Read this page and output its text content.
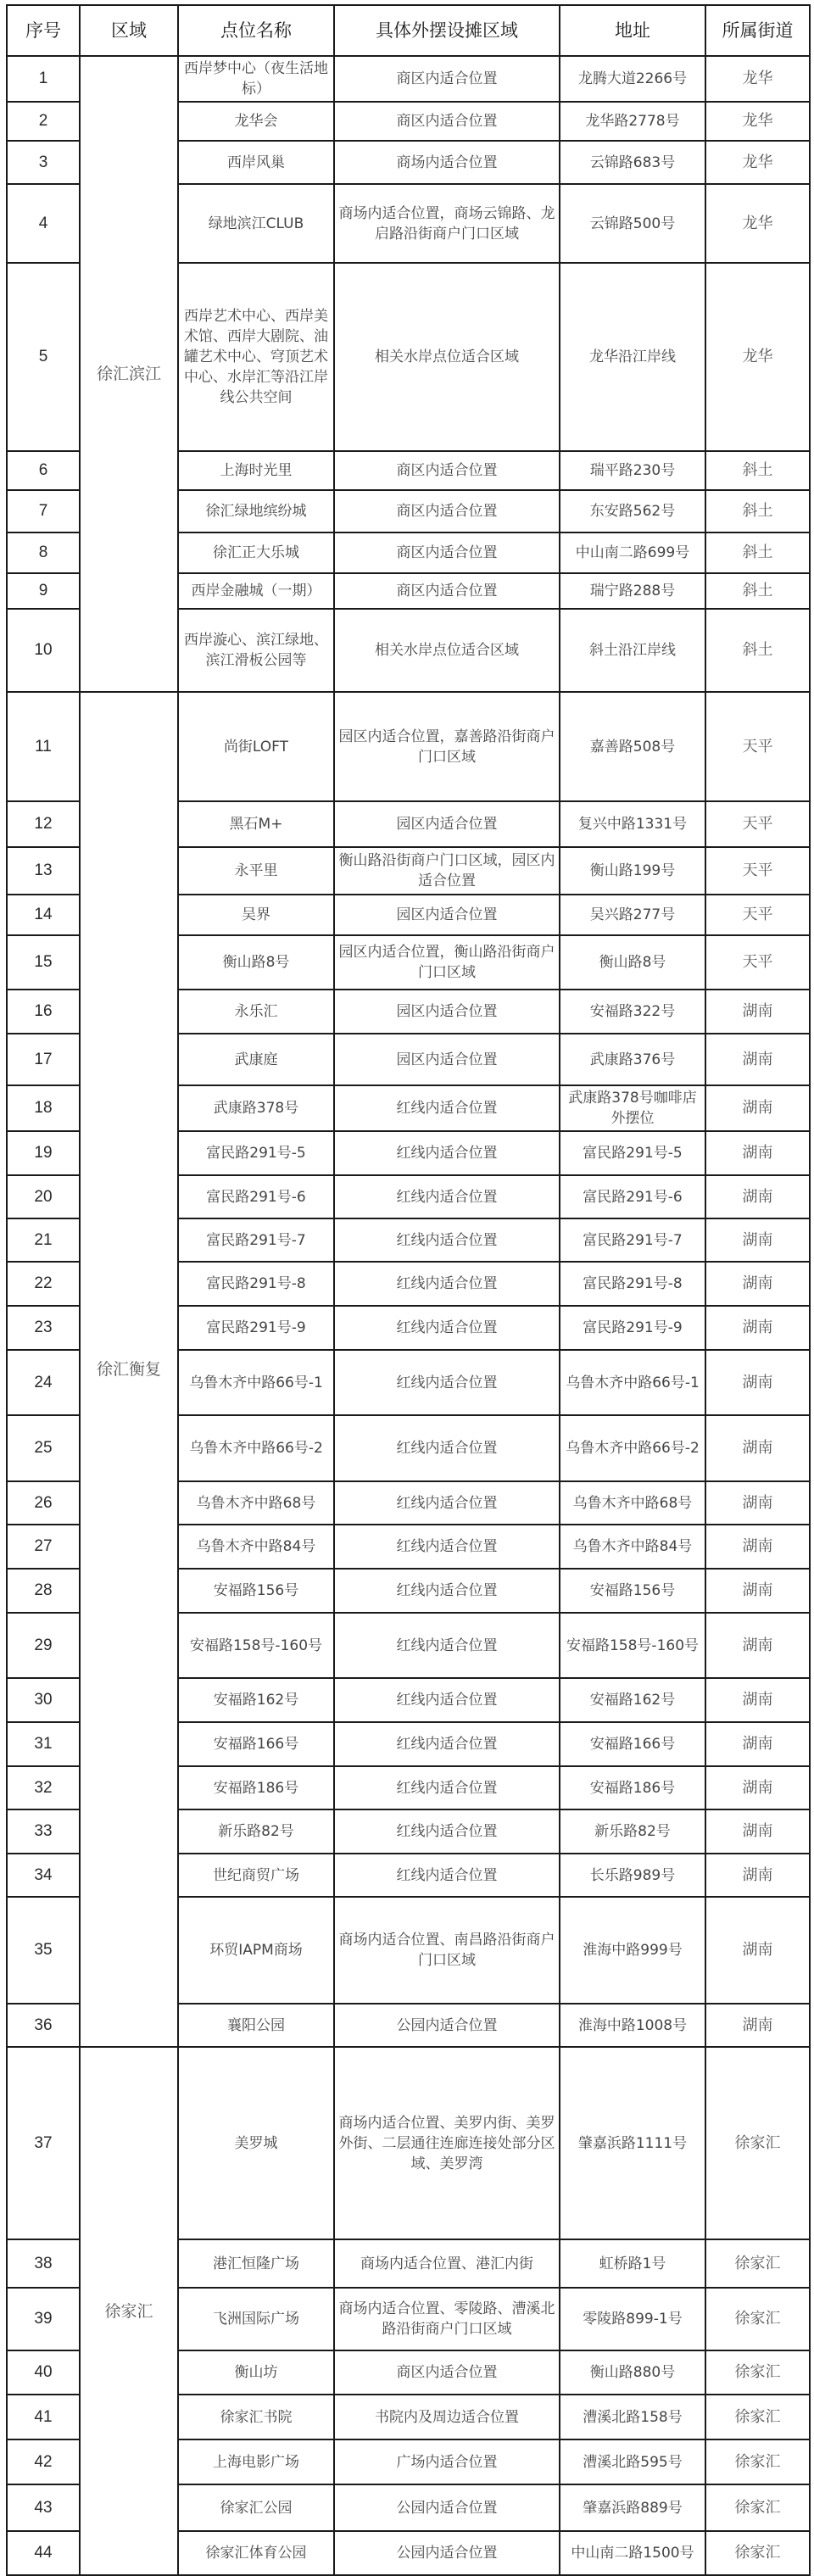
序号	区域	点位名称	具体外摆设摊区域	地址	所属街道
1	徐汇滨江	西岸梦中心（夜生活地标）	商区内适合位置	龙腾大道2266号	龙华
2		龙华会	商区内适合位置	龙华路2778号	龙华
3		西岸风巢	商场内适合位置	云锦路683号	龙华
4		绿地滨江CLUB	商场内适合位置，商场云锦路、龙启路沿街商户门口区域	云锦路500号	龙华
5		西岸艺术中心、西岸美术馆、西岸大剧院、油罐艺术中心、穹顶艺术中心、水岸汇等沿江岸线公共空间	相关水岸点位适合区域	龙华沿江岸线	龙华
6		上海时光里	商区内适合位置	瑞平路230号	斜土
7		徐汇绿地缤纷城	商区内适合位置	东安路562号	斜土
8		徐汇正大乐城	商区内适合位置	中山南二路699号	斜土
9		西岸金融城（一期）	商区内适合位置	瑞宁路288号	斜土
10		西岸漩心、滨江绿地、滨江滑板公园等	相关水岸点位适合区域	斜土沿江岸线	斜土
11	徐汇衡复	尚街LOFT	园区内适合位置，嘉善路沿街商户门口区域	嘉善路508号	天平
12		黑石M+	园区内适合位置	复兴中路1331号	天平
13		永平里	衡山路沿街商户门口区域，园区内适合位置	衡山路199号	天平
14		吴界	园区内适合位置	吴兴路277号	天平
15		衡山路8号	园区内适合位置，衡山路沿街商户门口区域	衡山路8号	天平
16		永乐汇	园区内适合位置	安福路322号	湖南
17		武康庭	园区内适合位置	武康路376号	湖南
18		武康路378号	红线内适合位置	武康路378号咖啡店外摆位	湖南
19		富民路291号-5	红线内适合位置	富民路291号-5	湖南
20		富民路291号-6	红线内适合位置	富民路291号-6	湖南
21		富民路291号-7	红线内适合位置	富民路291号-7	湖南
22		富民路291号-8	红线内适合位置	富民路291号-8	湖南
23		富民路291号-9	红线内适合位置	富民路291号-9	湖南
24		乌鲁木齐中路66号-1	红线内适合位置	乌鲁木齐中路66号-1	湖南
25		乌鲁木齐中路66号-2	红线内适合位置	乌鲁木齐中路66号-2	湖南
26		乌鲁木齐中路68号	红线内适合位置	乌鲁木齐中路68号	湖南
27		乌鲁木齐中路84号	红线内适合位置	乌鲁木齐中路84号	湖南
28		安福路156号	红线内适合位置	安福路156号	湖南
29		安福路158号-160号	红线内适合位置	安福路158号-160号	湖南
30		安福路162号	红线内适合位置	安福路162号	湖南
31		安福路166号	红线内适合位置	安福路166号	湖南
32		安福路186号	红线内适合位置	安福路186号	湖南
33		新乐路82号	红线内适合位置	新乐路82号	湖南
34		世纪商贸广场	红线内适合位置	长乐路989号	湖南
35		环贸IAPM商场	商场内适合位置、南昌路沿街商户门口区域	淮海中路999号	湖南
36		襄阳公园	公园内适合位置	淮海中路1008号	湖南
37	徐家汇	美罗城	商场内适合位置、美罗内街、美罗外街、二层通往连廊连接处部分区域、美罗湾	肇嘉浜路1111号	徐家汇
38		港汇恒隆广场	商场内适合位置、港汇内街	虹桥路1号	徐家汇
39		飞洲国际广场	商场内适合位置、零陵路、漕溪北路沿街商户门口区域	零陵路899-1号	徐家汇
40		衡山坊	商区内适合位置	衡山路880号	徐家汇
41		徐家汇书院	书院内及周边适合位置	漕溪北路158号	徐家汇
42		上海电影广场	广场内适合位置	漕溪北路595号	徐家汇
43		徐家汇公园	公园内适合位置	肇嘉浜路889号	徐家汇
44		徐家汇体育公园	公园内适合位置	中山南二路1500号	徐家汇
